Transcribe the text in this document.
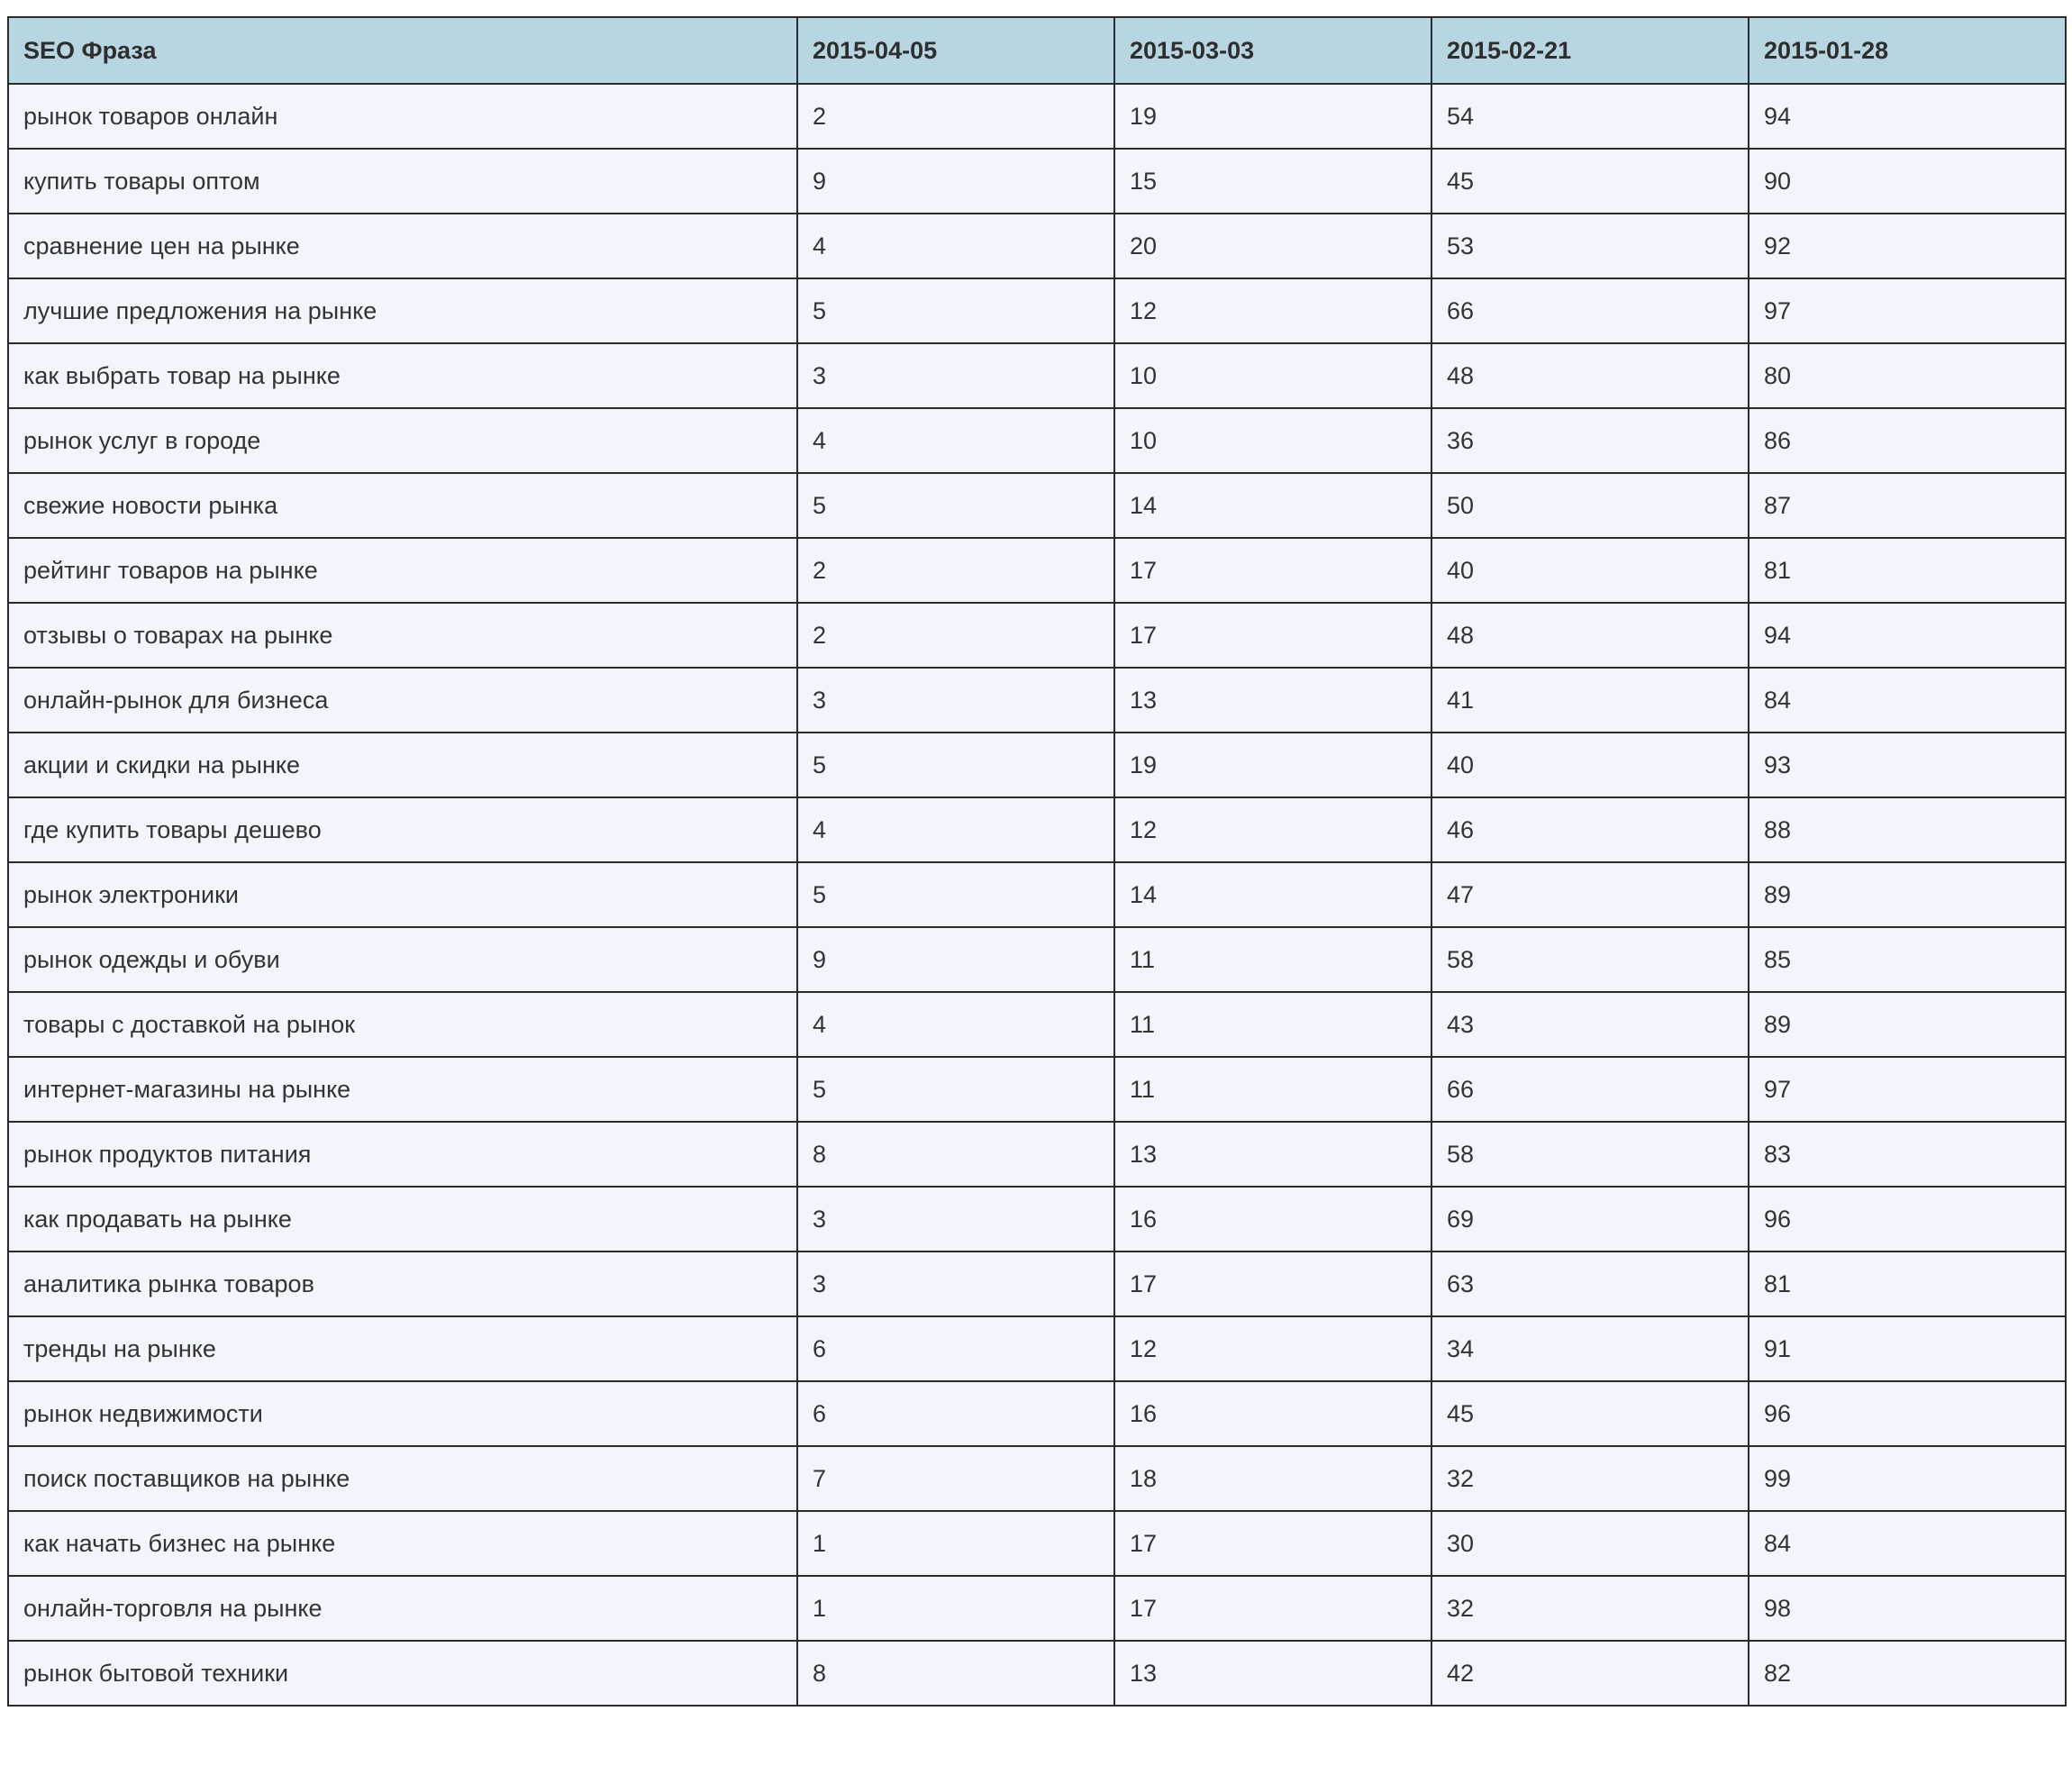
SEO Фраза	2015-04-05	2015-03-03	2015-02-21	2015-01-28
рынок товаров онлайн	2	19	54	94
купить товары оптом	9	15	45	90
сравнение цен на рынке	4	20	53	92
лучшие предложения на рынке	5	12	66	97
как выбрать товар на рынке	3	10	48	80
рынок услуг в городе	4	10	36	86
свежие новости рынка	5	14	50	87
рейтинг товаров на рынке	2	17	40	81
отзывы о товарах на рынке	2	17	48	94
онлайн-рынок для бизнеса	3	13	41	84
акции и скидки на рынке	5	19	40	93
где купить товары дешево	4	12	46	88
рынок электроники	5	14	47	89
рынок одежды и обуви	9	11	58	85
товары с доставкой на рынок	4	11	43	89
интернет-магазины на рынке	5	11	66	97
рынок продуктов питания	8	13	58	83
как продавать на рынке	3	16	69	96
аналитика рынка товаров	3	17	63	81
тренды на рынке	6	12	34	91
рынок недвижимости	6	16	45	96
поиск поставщиков на рынке	7	18	32	99
как начать бизнес на рынке	1	17	30	84
онлайн-торговля на рынке	1	17	32	98
рынок бытовой техники	8	13	42	82
